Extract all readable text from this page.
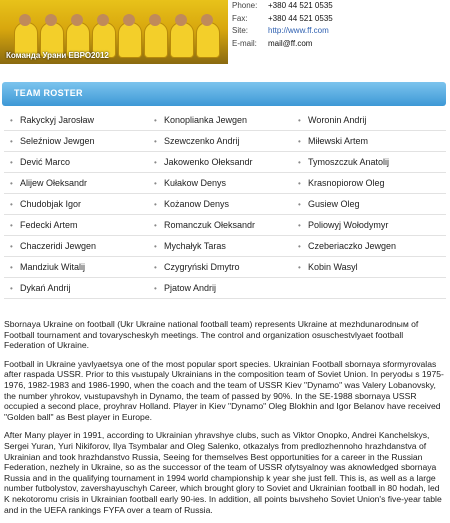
Команда Урани ЕВРО2012
Phone: +380 44 521 0535
Fax:	+380 44 521 0535
Site: http://www.ff.com
E-mail: mail@ff.com
TEAM ROSTER
• Rakyckyj Jarosław	• Konoplianka Jewgen	• Woronin Andrij
• Seleźniow Jewgen	• Szewczenko Andrij	• Miłewski Artem
• Dević Marco	• Jakowenko Ołeksandr	• Tymoszczuk Anatolij
• Alijew Ołeksandr	• Kułakow Denys	• Krasnopiorow Oleg
• Chudobjak Igor	• Kożanow Denys	• Gusiew Oleg
• Fedecki Artem	• Romanczuk Ołeksandr	• Poliowyj Wołodymyr
• Chaczeridi Jewgen	• Mychałyk Taras	• Czeberiaczko Jewgen
• Mandziuk Witalij	• Czygryński Dmytro	• Kobin Wasyl
• Dykań Andrij	• Pjatow Andrij

Sbornaya Ukraine on football (Ukr Ukraine national football team) represents Ukraine at mezhdunarodnым of Football tournament and tovaryscheskyh meetings. The control and organization osuschestvlyaet football Federation of Ukraine.

Football in Ukraine yavlyaetsya one of the most popular sport species. Ukrainian Football sbornaya sformyrovalas after raspada USSR. Prior to this vыstupaly Ukrainians in the composition team of Soviet Union. In peryodы s 1975-1976, 1982-1983 and 1986-1990, when the coach and the team of USSR Kiev "Dynamo" was Valery Lobanovsky, the number yhrokov, vыstupavshyh in Dynamo, the team of passed by 90%. In the SE-1988 sbornaya USSR occupied a second place, proyhrav Holland. Player in Kiev "Dynamo" Oleg Blokhin and Igor Belanov have received "Golden ball" as Best player in Europe.

After Many player in 1991, according to Ukrainian yhravshye clubs, such as Viktor Onopko, Andrei Kanchelskys, Sergei Yuran, Yuri Nikiforov, Ilya Tsymbalar and Oleg Salenko, otkazalys from predlozhennoho hrazhdanstva of Ukrainian and took hrazhdanstvo Russia, Seeing for themselves Best opportunities for a career in the Russian Federation, nezhely in Ukraine, so as the successor of the team of USSR ofytsyalnoy was aknowledged sbornaya Russia and in the qualifying tournament in 1994 world championship k year she just fell. This is, as well as a large number futbolystov, zavershayuschyh Career, which brought glory to Soviet and Ukrainian football in 80 hodah, led K nekotoromu crisis in Ukrainian football early 90-ies. In addition, all points bыvsheho Soviet Union's five-year table and in the UEFA rankings FYFA over a team of Russia.
